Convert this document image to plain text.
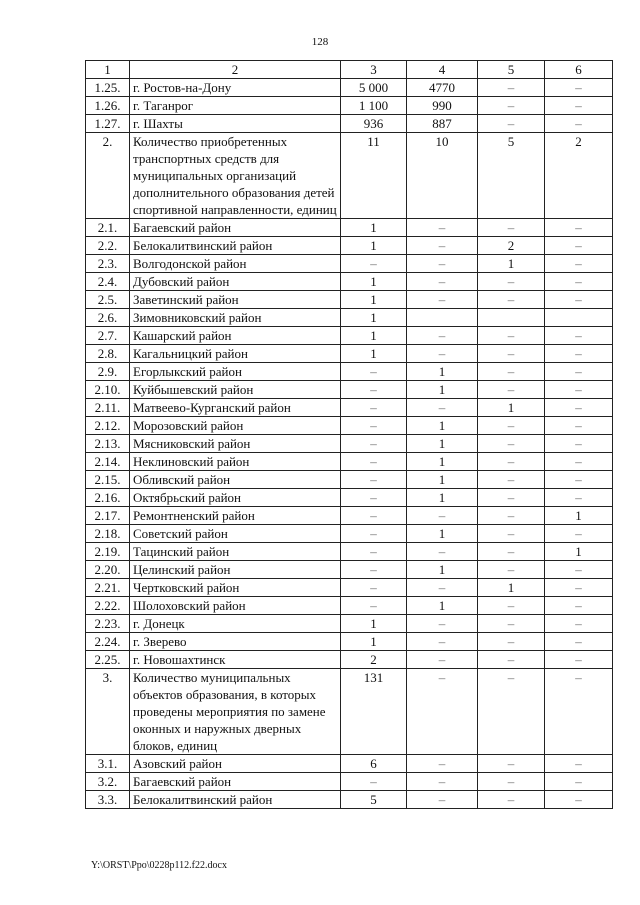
128
1	2	3	4	5	6
1.25.	г. Ростов-на-Дону	5 000	4770	–	–
1.26.	г. Таганрог	1 100	990	–	–
1.27.	г. Шахты	936	887	–	–
2.	Количество приобретенных транспортных средств для муниципальных организаций дополнительного образования детей спортивной направленности, единиц	11	10	5	2
2.1.	Багаевский район	1	–	–	–
2.2.	Белокалитвинский район	1	–	2	–
2.3.	Волгодонской район	–	–	1	–
2.4.	Дубовский район	1	–	–	–
2.5.	Заветинский район	1	–	–	–
2.6.	Зимовниковский район	1			
2.7.	Кашарский район	1	–	–	–
2.8.	Кагальницкий район	1	–	–	–
2.9.	Егорлыкский район	–	1	–	–
2.10.	Куйбышевский район	–	1	–	–
2.11.	Матвеево-Курганский район	–	–	1	–
2.12.	Морозовский район	–	1	–	–
2.13.	Мясниковский район	–	1	–	–
2.14.	Неклиновский район	–	1	–	–
2.15.	Обливский район	–	1	–	–
2.16.	Октябрьский район	–	1	–	–
2.17.	Ремонтненский район	–	–	–	1
2.18.	Советский район	–	1	–	–
2.19.	Тацинский район	–	–	–	1
2.20.	Целинский район	–	1	–	–
2.21.	Чертковский район	–	–	1	–
2.22.	Шолоховский район	–	1	–	–
2.23.	г. Донецк	1	–	–	–
2.24.	г. Зверево	1	–	–	–
2.25.	г. Новошахтинск	2	–	–	–
3.	Количество муниципальных объектов образования, в которых проведены мероприятия по замене оконных и наружных дверных блоков, единиц	131	–	–	–
3.1.	Азовский район	6	–	–	–
3.2.	Багаевский район	–	–	–	–
3.3.	Белокалитвинский район	5	–	–	–
Y:\ORST\Ppo\0228p112.f22.docx
